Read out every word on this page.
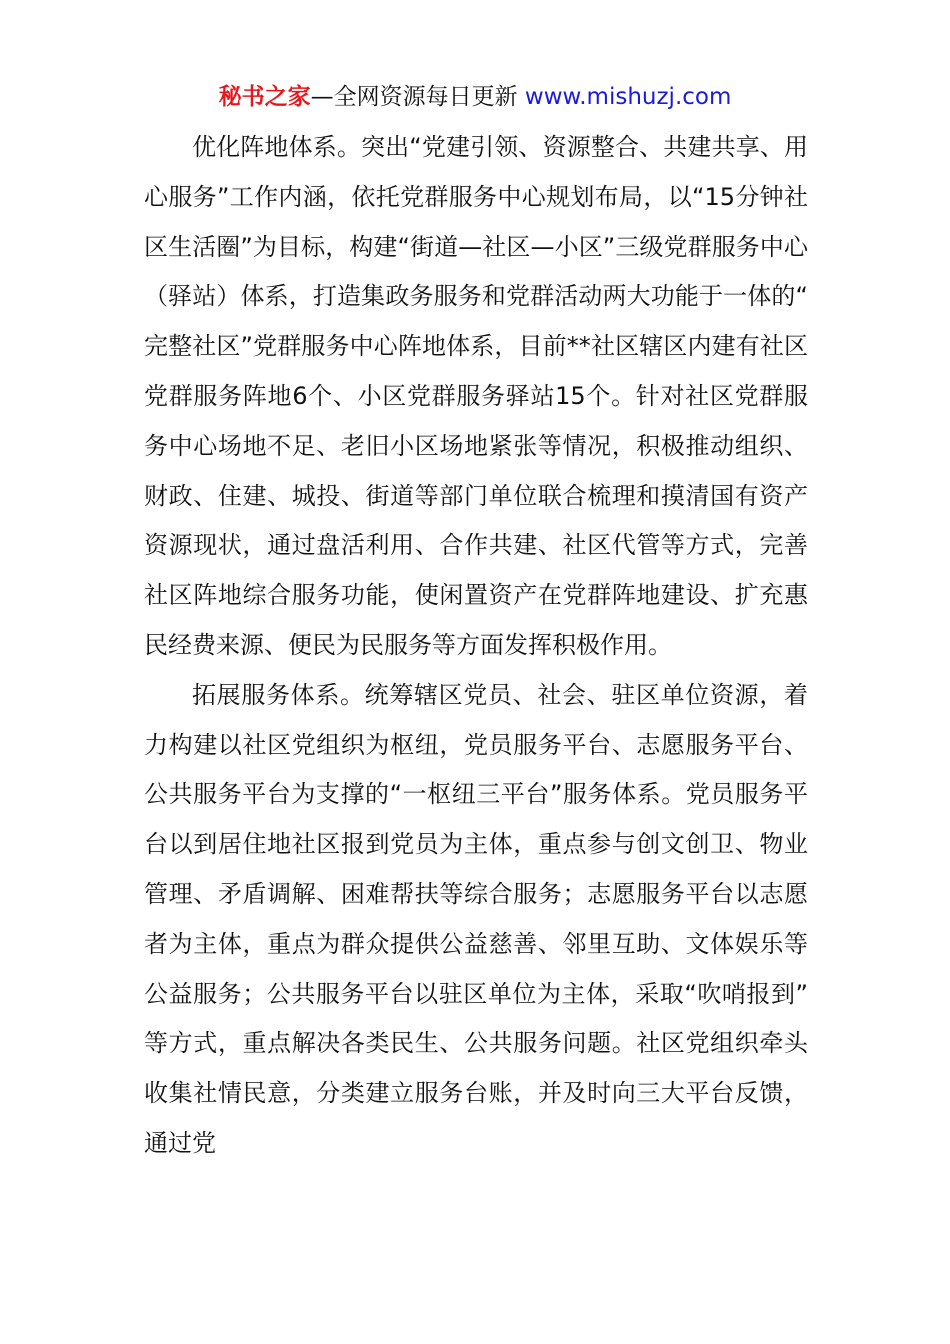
秘书之家—全网资源每日更新 www.mishuzj.com

优化阵地体系。突出“党建引领、资源整合、共建共享、用心服务”工作内涵，依托党群服务中心规划布局，以“15分钟社区生活圈”为目标，构建“街道—社区—小区”三级党群服务中心（驿站）体系，打造集政务服务和党群活动两大功能于一体的“完整社区”党群服务中心阵地体系，目前**社区辖区内建有社区党群服务阵地6个、小区党群服务驿站15个。针对社区党群服务中心场地不足、老旧小区场地紧张等情况，积极推动组织、财政、住建、城投、街道等部门单位联合梳理和摸清国有资产资源现状，通过盘活利用、合作共建、社区代管等方式，完善社区阵地综合服务功能，使闲置资产在党群阵地建设、扩充惠民经费来源、便民为民服务等方面发挥积极作用。

拓展服务体系。统筹辖区党员、社会、驻区单位资源，着力构建以社区党组织为枢纽，党员服务平台、志愿服务平台、公共服务平台为支撑的“一枢纽三平台”服务体系。党员服务平台以到居住地社区报到党员为主体，重点参与创文创卫、物业管理、矛盾调解、困难帮扶等综合服务；志愿服务平台以志愿者为主体，重点为群众提供公益慈善、邻里互助、文体娱乐等公益服务；公共服务平台以驻区单位为主体，采取“吹哨报到”等方式，重点解决各类民生、公共服务问题。社区党组织牵头收集社情民意，分类建立服务台账，并及时向三大平台反馈，通过党
